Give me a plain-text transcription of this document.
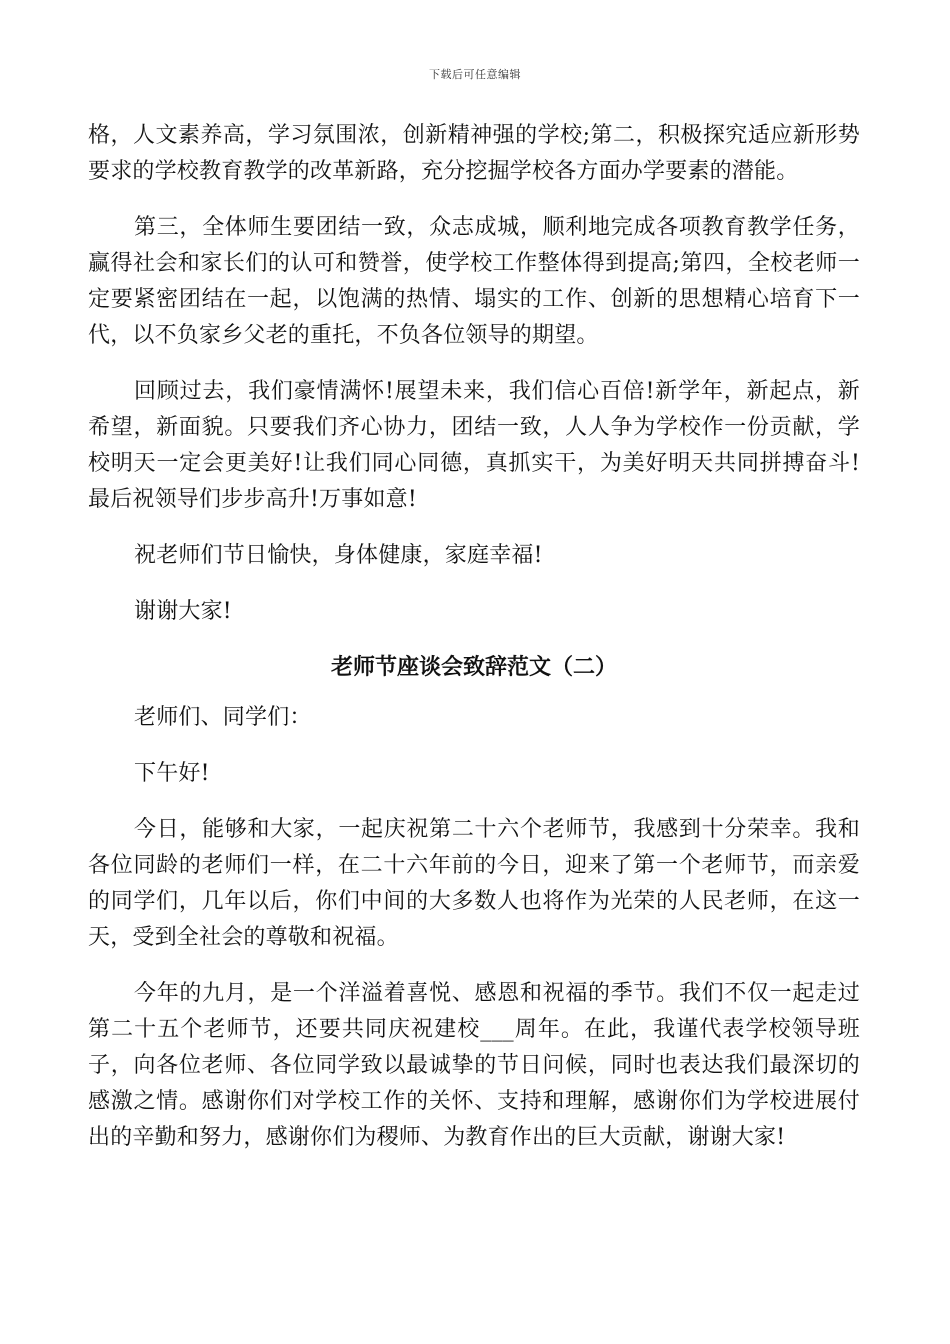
下载后可任意编辑

格，人文素养高，学习氛围浓，创新精神强的学校;第二，积极探究适应新形势要求的学校教育教学的改革新路，充分挖掘学校各方面办学要素的潜能。

第三，全体师生要团结一致，众志成城，顺利地完成各项教育教学任务，赢得社会和家长们的认可和赞誉，使学校工作整体得到提高;第四，全校老师一定要紧密团结在一起，以饱满的热情、塌实的工作、创新的思想精心培育下一代，以不负家乡父老的重托，不负各位领导的期望。

回顾过去，我们豪情满怀!展望未来，我们信心百倍!新学年，新起点，新希望，新面貌。只要我们齐心协力，团结一致，人人争为学校作一份贡献，学校明天一定会更美好!让我们同心同德，真抓实干，为美好明天共同拼搏奋斗!最后祝领导们步步高升!万事如意!

祝老师们节日愉快，身体健康，家庭幸福!

谢谢大家!

老师节座谈会致辞范文（二）

老师们、同学们：

下午好!

今日，能够和大家，一起庆祝第二十六个老师节，我感到十分荣幸。我和各位同龄的老师们一样，在二十六年前的今日，迎来了第一个老师节，而亲爱的同学们，几年以后，你们中间的大多数人也将作为光荣的人民老师，在这一天，受到全社会的尊敬和祝福。

今年的九月，是一个洋溢着喜悦、感恩和祝福的季节。我们不仅一起走过第二十五个老师节，还要共同庆祝建校___周年。在此，我谨代表学校领导班子，向各位老师、各位同学致以最诚挚的节日问候，同时也表达我们最深切的感激之情。感谢你们对学校工作的关怀、支持和理解，感谢你们为学校进展付出的辛勤和努力，感谢你们为稷师、为教育作出的巨大贡献，谢谢大家!
